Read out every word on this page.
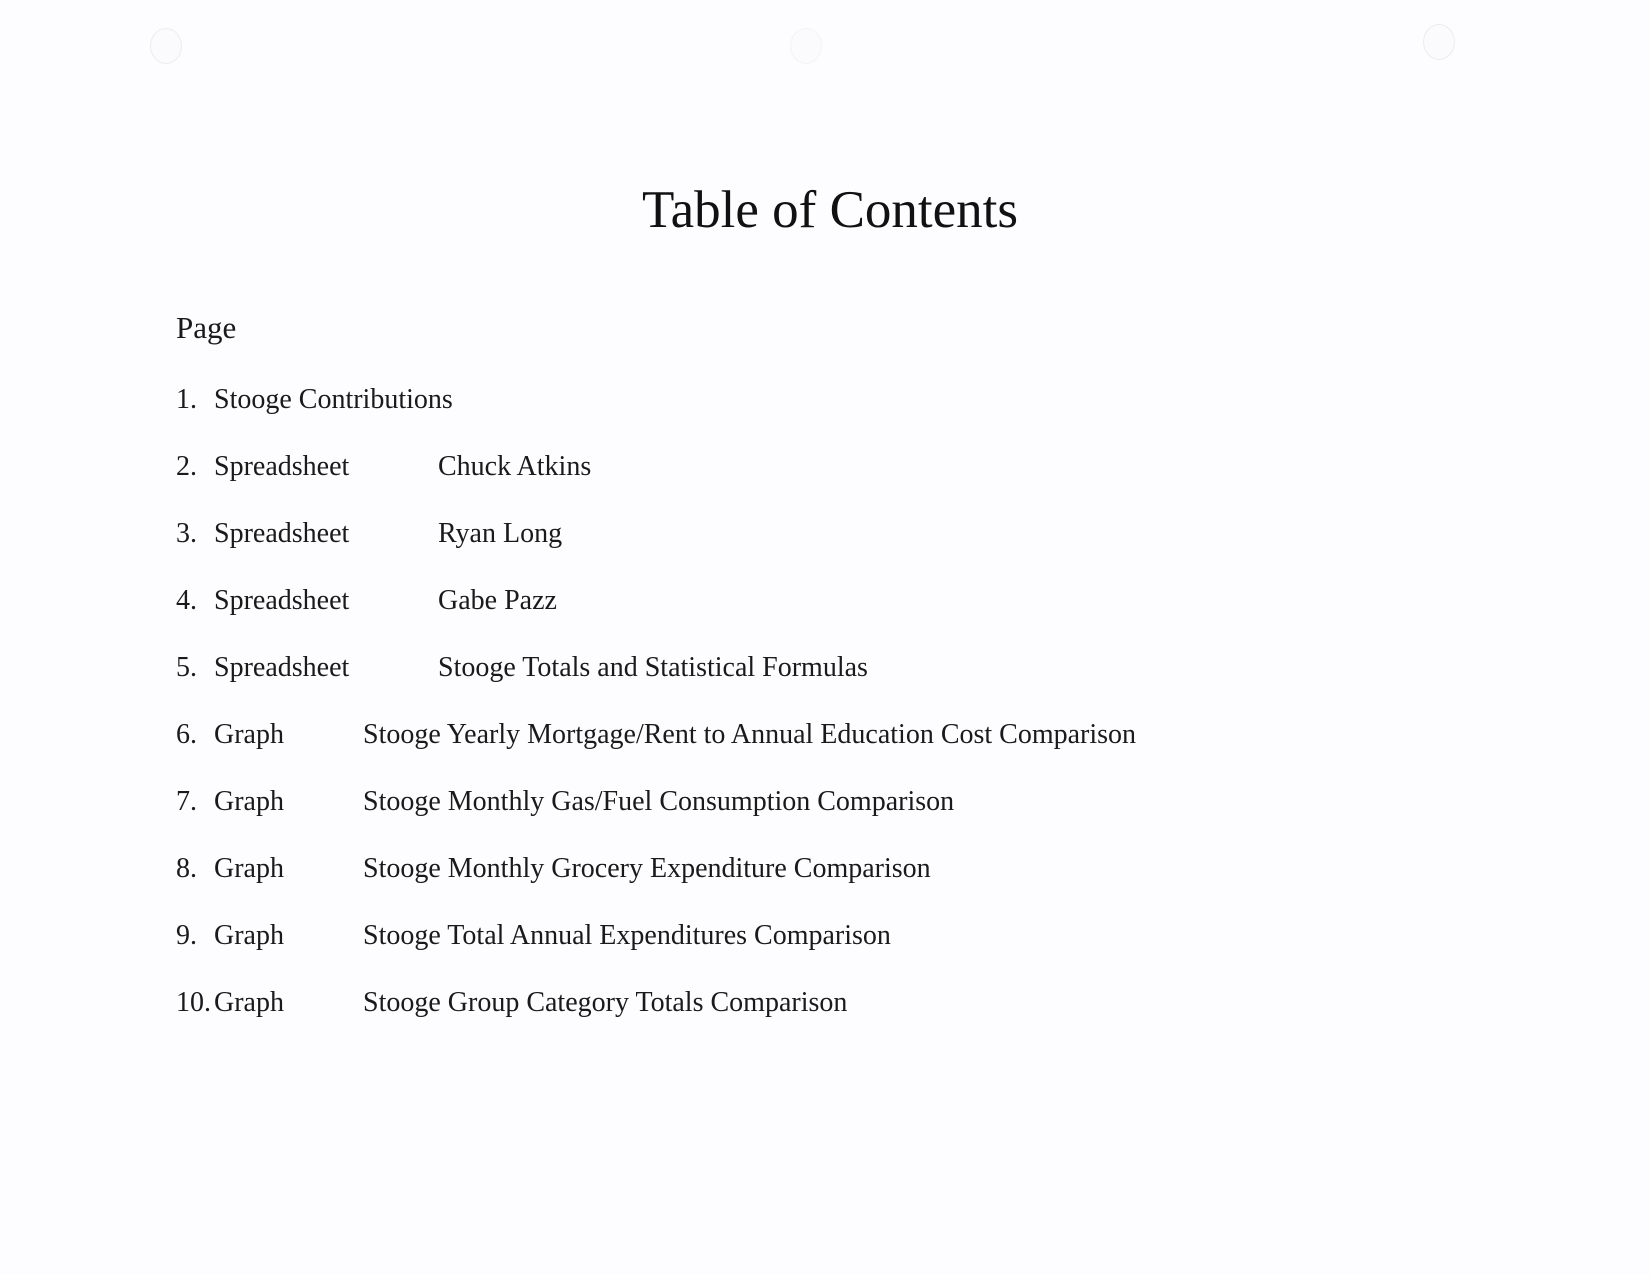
Table of Contents
Page
1. Stooge Contributions
2. Spreadsheet	Chuck Atkins
3. Spreadsheet	Ryan Long
4. Spreadsheet	Gabe Pazz
5. Spreadsheet	Stooge Totals and Statistical Formulas
6. Graph	Stooge Yearly Mortgage/Rent to Annual Education Cost Comparison
7. Graph	Stooge Monthly Gas/Fuel Consumption Comparison
8. Graph	Stooge Monthly Grocery Expenditure Comparison
9. Graph	Stooge Total Annual Expenditures Comparison
10. Graph	Stooge Group Category Totals Comparison
